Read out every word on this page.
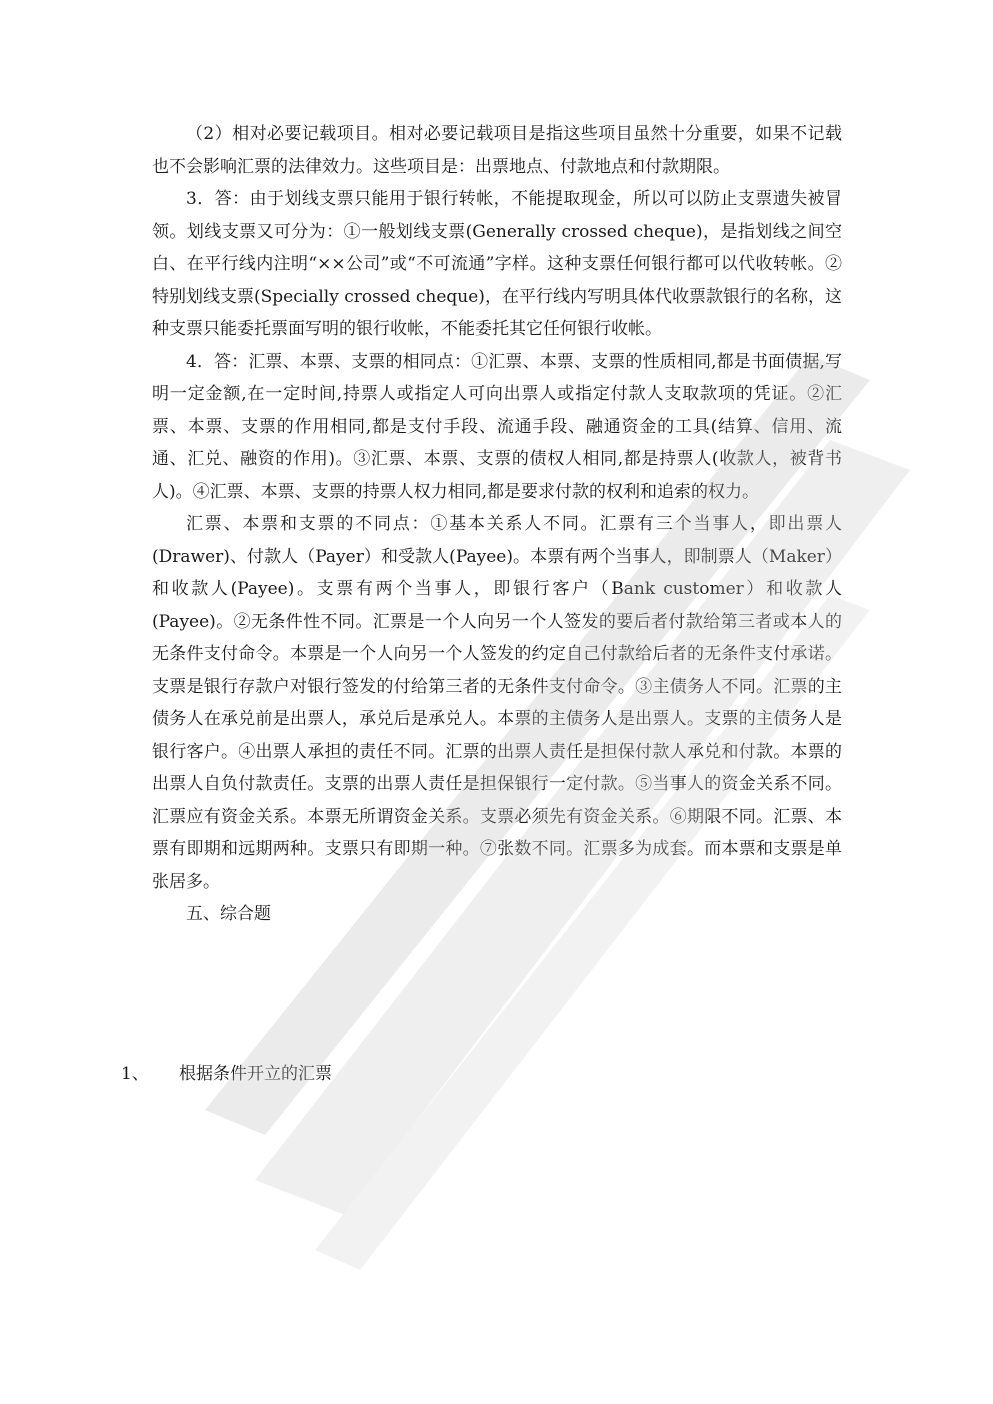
（2）相对必要记载项目。相对必要记载项目是指这些项目虽然十分重要，如果不记载也不会影响汇票的法律效力。这些项目是：出票地点、付款地点和付款期限。

3．答：由于划线支票只能用于银行转帐，不能提取现金，所以可以防止支票遗失被冒领。划线支票又可分为：①一般划线支票(Generally crossed cheque)，是指划线之间空白、在平行线内注明“××公司”或“不可流通”字样。这种支票任何银行都可以代收转帐。②特别划线支票(Specially crossed cheque)，在平行线内写明具体代收票款银行的名称，这种支票只能委托票面写明的银行收帐，不能委托其它任何银行收帐。

4．答：汇票、本票、支票的相同点：①汇票、本票、支票的性质相同,都是书面债据,写明一定金额,在一定时间,持票人或指定人可向出票人或指定付款人支取款项的凭证。②汇票、本票、支票的作用相同,都是支付手段、流通手段、融通资金的工具(结算、信用、流通、汇兑、融资的作用)。③汇票、本票、支票的债权人相同,都是持票人(收款人，被背书人)。④汇票、本票、支票的持票人权力相同,都是要求付款的权利和追索的权力。

汇票、本票和支票的不同点：①基本关系人不同。汇票有三个当事人，即出票人(Drawer)、付款人（Payer）和受款人(Payee)。本票有两个当事人，即制票人（Maker）和收款人(Payee)。支票有两个当事人，即银行客户（Bank customer）和收款人(Payee)。②无条件性不同。汇票是一个人向另一个人签发的要后者付款给第三者或本人的无条件支付命令。本票是一个人向另一个人签发的约定自己付款给后者的无条件支付承诺。支票是银行存款户对银行签发的付给第三者的无条件支付命令。③主债务人不同。汇票的主债务人在承兑前是出票人，承兑后是承兑人。本票的主债务人是出票人。支票的主债务人是银行客户。④出票人承担的责任不同。汇票的出票人责任是担保付款人承兑和付款。本票的出票人自负付款责任。支票的出票人责任是担保银行一定付款。⑤当事人的资金关系不同。汇票应有资金关系。本票无所谓资金关系。支票必须先有资金关系。⑥期限不同。汇票、本票有即期和远期两种。支票只有即期一种。⑦张数不同。汇票多为成套。而本票和支票是单张居多。

五、综合题

1、 根据条件开立的汇票
